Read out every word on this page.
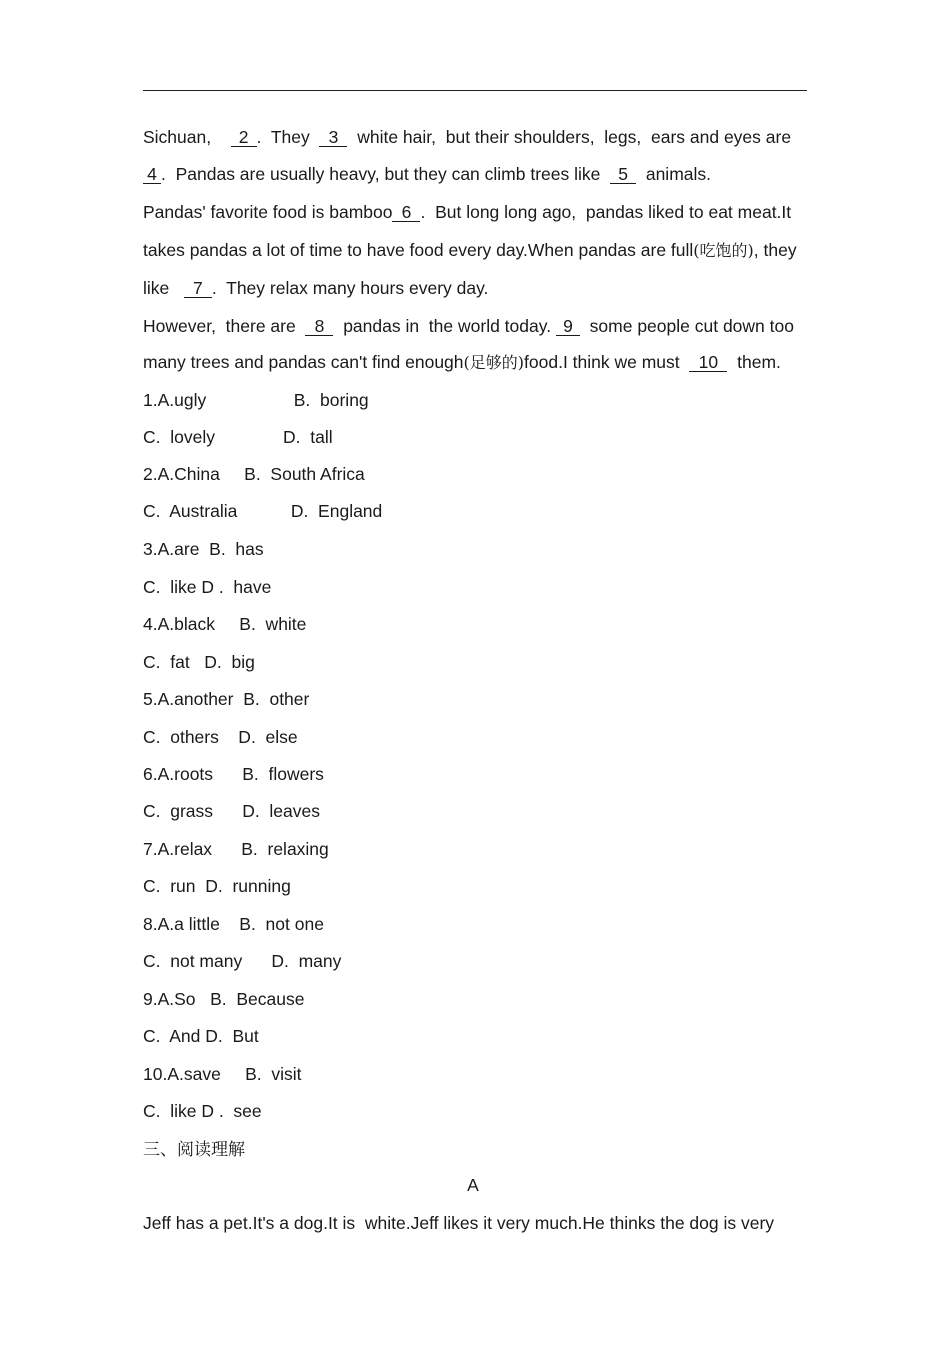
Sichuan, 2 .  They 3 white hair,  but their shoulders,  legs,  ears and eyes are
4 .  Pandas are usually heavy, but they can climb trees like 5 animals.
Pandas' favorite food is bamboo 6 .  But long long ago,  pandas liked to eat meat.It
takes pandas a lot of time to have food every day.When pandas are full(吃饱的), they
like 7 .  They relax many hours every day.
However,  there are 8 pandas in  the world today. 9 some people cut down too
many trees and pandas can't find enough(足够的)food.I think we must 10 them.
1.A.ugly                  B.  boring
C.  lovely              D.  tall
2.A.China     B.  South Africa
C.  Australia           D.  England
3.A.are  B.  has
C.  like D .  have
4.A.black     B.  white
C.  fat   D.  big
5.A.another  B.  other
C.  others    D.  else
6.A.roots      B.  flowers
C.  grass      D.  leaves
7.A.relax      B.  relaxing
C.  run  D.  running
8.A.a little    B.  not one
C.  not many      D.  many
9.A.So   B.  Because
C.  And D.  But
10.A.save     B.  visit
C.  like D .  see
三、阅读理解
A
Jeff has a pet.It's a dog.It is  white.Jeff likes it very much.He thinks the dog is very
